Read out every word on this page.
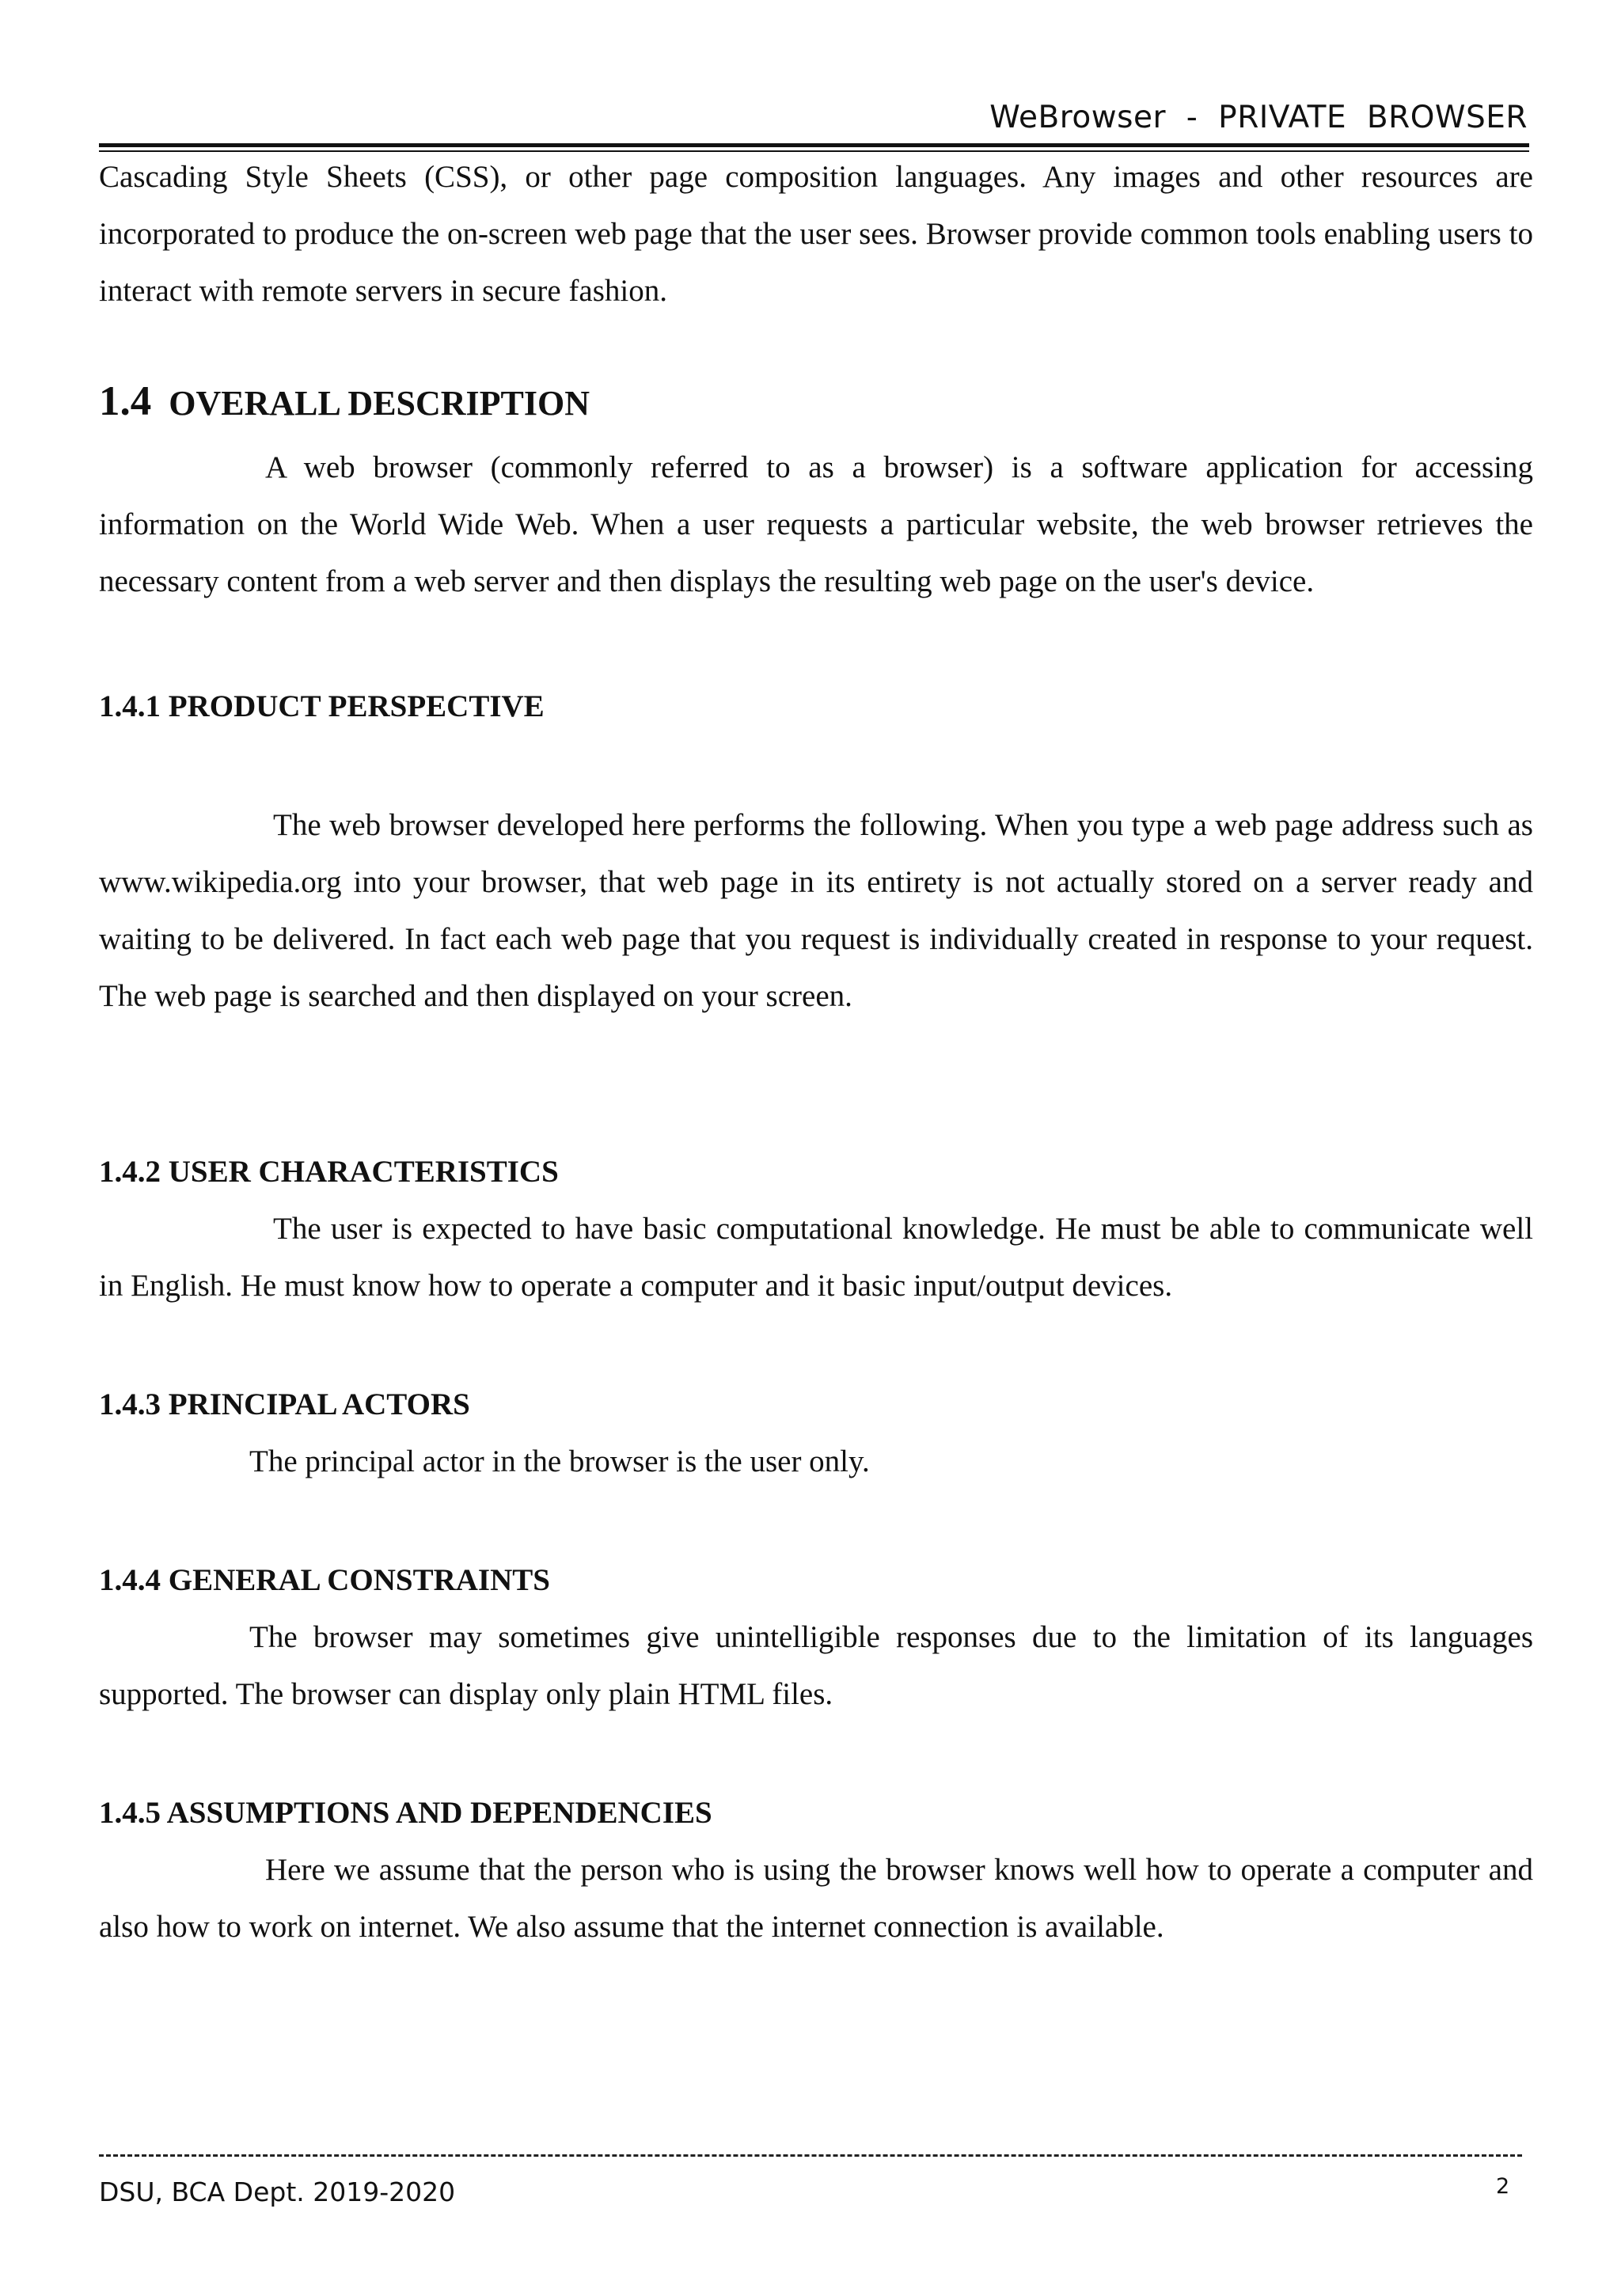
WeBrowser  -  PRIVATE  BROWSER

Cascading Style Sheets (CSS), or other page composition languages. Any images and other resources are incorporated to produce the on-screen web page that the user sees. Browser provide common tools enabling users to interact with remote servers in secure fashion.

1.4 OVERALL DESCRIPTION

A web browser (commonly referred to as a browser) is a software application for accessing information on the World Wide Web. When a user requests a particular website, the web browser retrieves the necessary content from a web server and then displays the resulting web page on the user's device.

1.4.1 PRODUCT PERSPECTIVE

The web browser developed here performs the following. When you type a web page address such as www.wikipedia.org into your browser, that web page in its entirety is not actually stored on a server ready and waiting to be delivered. In fact each web page that you request is individually created in response to your request. The web page is searched and then displayed on your screen.

1.4.2 USER CHARACTERISTICS

The user is expected to have basic computational knowledge. He must be able to communicate well in English. He must know how to operate a computer and it basic input/output devices.

1.4.3 PRINCIPAL ACTORS

The principal actor in the browser is the user only.

1.4.4 GENERAL CONSTRAINTS

The browser may sometimes give unintelligible responses due to the limitation of its languages supported. The browser can display only plain HTML files.

1.4.5 ASSUMPTIONS AND DEPENDENCIES

Here we assume that the person who is using the browser knows well how to operate a computer and also how to work on internet. We also assume that the internet connection is available.

DSU, BCA Dept. 2019-2020	2
